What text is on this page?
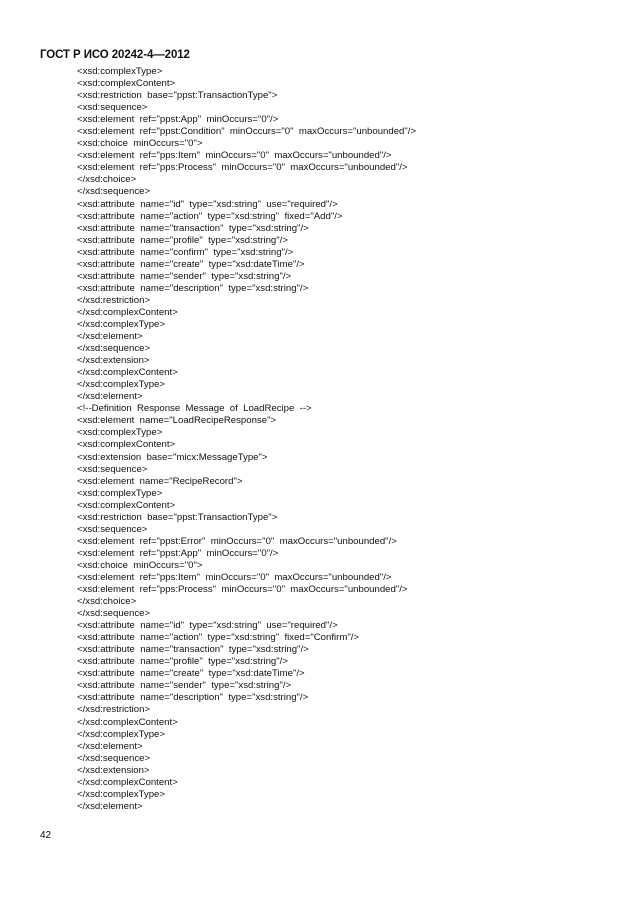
ГОСТ Р ИСО 20242-4—2012
<xsd:complexType>
<xsd:complexContent>
<xsd:restriction  base="ppst:TransactionType">
<xsd:sequence>
<xsd:element  ref="ppst:App"  minOccurs="0"/>
<xsd:element  ref="ppst:Condition"  minOccurs="0"  maxOccurs="unbounded"/>
<xsd:choice  minOccurs="0">
<xsd:element  ref="pps:Item"  minOccurs="0"  maxOccurs="unbounded"/>
<xsd:element  ref="pps:Process"  minOccurs="0"  maxOccurs="unbounded"/>
</xsd:choice>
</xsd:sequence>
<xsd:attribute  name="id"  type="xsd:string"  use="required"/>
<xsd:attribute  name="action"  type="xsd:string"  fixed="Add"/>
<xsd:attribute  name="transaction"  type="xsd:string"/>
<xsd:attribute  name="profile"  type="xsd:string"/>
<xsd:attribute  name="confirm"  type="xsd:string"/>
<xsd:attribute  name="create"  type="xsd:dateTime"/>
<xsd:attribute  name="sender"  type="xsd:string"/>
<xsd:attribute  name="description"  type="xsd:string"/>
</xsd:restriction>
</xsd:complexContent>
</xsd:complexType>
</xsd:element>
</xsd:sequence>
</xsd:extension>
</xsd:complexContent>
</xsd:complexType>
</xsd:element>
<!--Definition  Response  Message  of  LoadRecipe  -->
<xsd:element  name="LoadRecipeResponse">
<xsd:complexType>
<xsd:complexContent>
<xsd:extension  base="micx:MessageType">
<xsd:sequence>
<xsd:element  name="RecipeRecord">
<xsd:complexType>
<xsd:complexContent>
<xsd:restriction  base="ppst:TransactionType">
<xsd:sequence>
<xsd:element  ref="ppst:Error"  minOccurs="0"  maxOccurs="unbounded"/>
<xsd:element  ref="ppst:App"  minOccurs="0"/>
<xsd:choice  minOccurs="0">
<xsd:element  ref="pps:Item"  minOccurs="0"  maxOccurs="unbounded"/>
<xsd:element  ref="pps:Process"  minOccurs="0"  maxOccurs="unbounded"/>
</xsd:choice>
</xsd:sequence>
<xsd:attribute  name="id"  type="xsd:string"  use="required"/>
<xsd:attribute  name="action"  type="xsd:string"  fixed="Confirm"/>
<xsd:attribute  name="transaction"  type="xsd:string"/>
<xsd:attribute  name="profile"  type="xsd:string"/>
<xsd:attribute  name="create"  type="xsd:dateTime"/>
<xsd:attribute  name="sender"  type="xsd:string"/>
<xsd:attribute  name="description"  type="xsd:string"/>
</xsd:restriction>
</xsd:complexContent>
</xsd:complexType>
</xsd:element>
</xsd:sequence>
</xsd:extension>
</xsd:complexContent>
</xsd:complexType>
</xsd:element>
42
